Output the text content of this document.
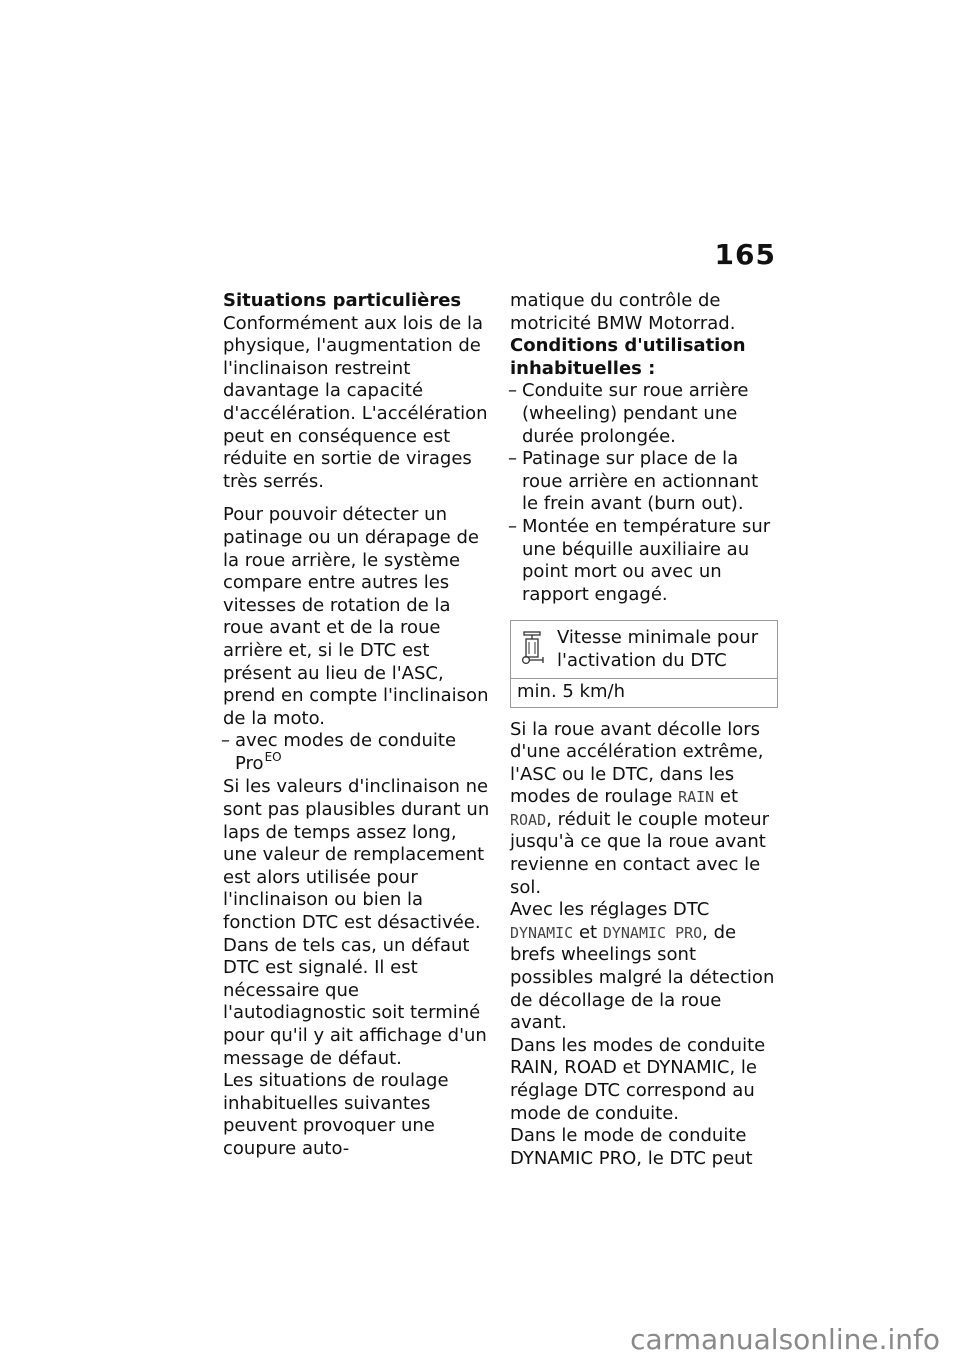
165

Situations particulières

Conformément aux lois de la physique, l'augmentation de l'inclinaison restreint davantage la capacité d'accélération. L'accélération peut en conséquence est réduite en sortie de virages très serrés.

Pour pouvoir détecter un patinage ou un dérapage de la roue arrière, le système compare entre autres les vitesses de rotation de la roue avant et de la roue arrière et, si le DTC est présent au lieu de l'ASC, prend en compte l'inclinaison de la moto.

– avec modes de conduite
Pro$^{EO}$

Si les valeurs d'inclinaison ne sont pas plausibles durant un laps de temps assez long, une valeur de remplacement est alors utilisée pour l'inclinaison ou bien la fonction DTC est désactivée. Dans de tels cas, un défaut DTC est signalé. Il est nécessaire que l'autodiagnostic soit terminé pour qu'il y ait affichage d'un message de défaut.

Les situations de roulage inhabituelles suivantes peuvent provoquer une coupure auto-

matique du contrôle de motricité BMW Motorrad.

Conditions d'utilisation inhabituelles :

– Conduite sur roue arrière (wheeling) pendant une durée prolongée.
– Patinage sur place de la roue arrière en actionnant le frein avant (burn out).
– Montée en température sur une béquille auxiliaire au point mort ou avec un rapport engagé.
Vitesse minimale pour l'activation du DTC
min. 5 km/h

Si la roue avant décolle lors d'une accélération extrême, l'ASC ou le DTC, dans les modes de roulage RAIN et ROAD, réduit le couple moteur jusqu'à ce que la roue avant revienne en contact avec le sol.

Avec les réglages DTC DYNAMIC et DYNAMIC PRO, de brefs wheelings sont possibles malgré la détection de décollage de la roue avant.

Dans les modes de conduite RAIN, ROAD et DYNAMIC, le réglage DTC correspond au mode de conduite.

Dans le mode de conduite DYNAMIC PRO, le DTC peut

carmanualsonline.info
